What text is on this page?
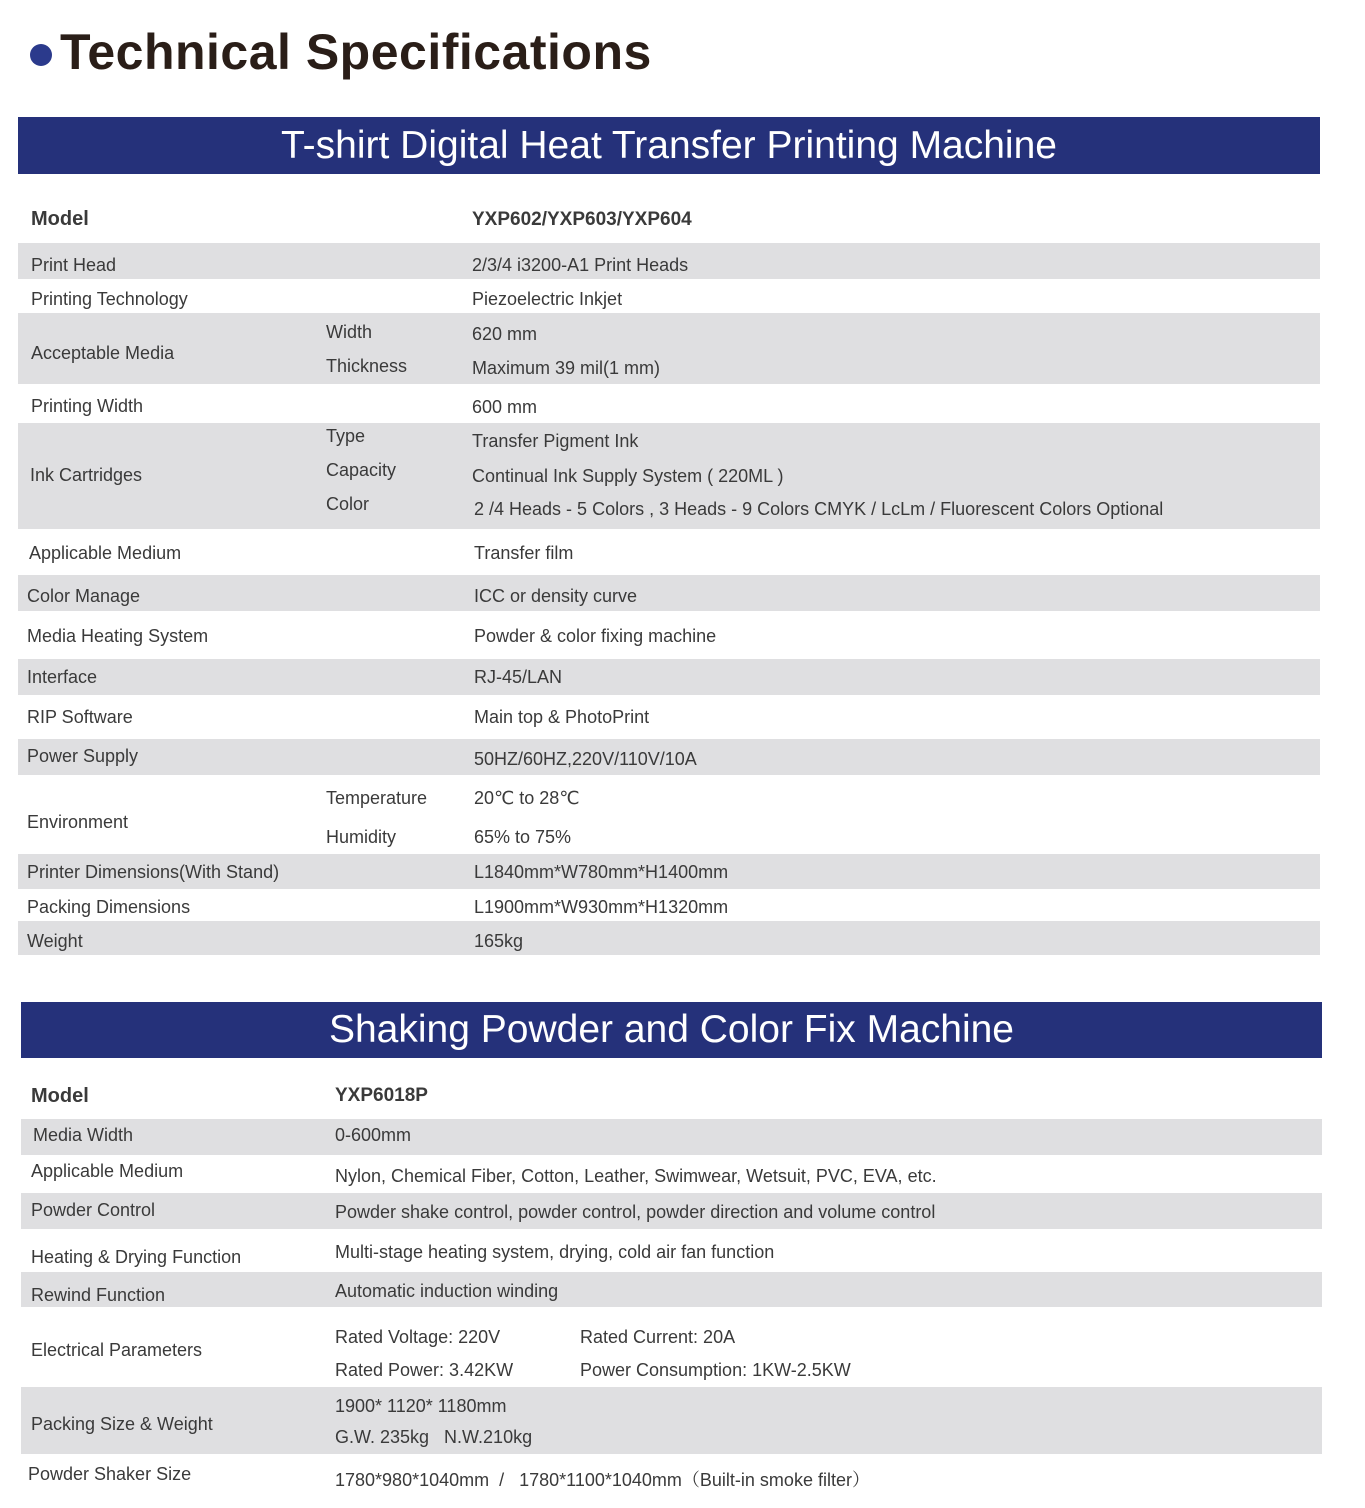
Technical Specifications
T-shirt Digital Heat Transfer Printing Machine
Model	YXP602/YXP603/YXP604
Print Head	2/3/4 i3200-A1 Print Heads
Printing Technology	Piezoelectric Inkjet
Acceptable Media
Width	620 mm
Thickness	Maximum 39 mil(1 mm)
Printing Width	600 mm
Ink Cartridges
Type	Transfer Pigment Ink
Capacity	Continual Ink Supply System ( 220ML )
Color	2 /4 Heads - 5 Colors , 3 Heads - 9 Colors CMYK / LcLm / Fluorescent Colors Optional
Applicable Medium	Transfer film
Color Manage	ICC or density curve
Media Heating System	Powder & color fixing machine
Interface	RJ-45/LAN
RIP Software	Main top & PhotoPrint
Power Supply	50HZ/60HZ,220V/110V/10A
Environment
Temperature	20℃ to 28℃
Humidity	65% to 75%
Printer Dimensions(With Stand)	L1840mm*W780mm*H1400mm
Packing Dimensions	L1900mm*W930mm*H1320mm
Weight	165kg
Shaking Powder and Color Fix Machine
Model	YXP6018P
Media Width	0-600mm
Applicable Medium	Nylon, Chemical Fiber, Cotton, Leather, Swimwear, Wetsuit, PVC, EVA, etc.
Powder Control	Powder shake control, powder control, powder direction and volume control
Heating & Drying Function	Multi-stage heating system, drying, cold air fan function
Rewind Function	Automatic induction winding
Electrical Parameters
Rated Voltage: 220V	Rated Current: 20A
Rated Power: 3.42KW	Power Consumption: 1KW-2.5KW
Packing Size & Weight
1900* 1120* 1180mm
G.W. 235kg   N.W.210kg
Powder Shaker Size	1780*980*1040mm  /   1780*1100*1040mm（Built-in smoke filter）
